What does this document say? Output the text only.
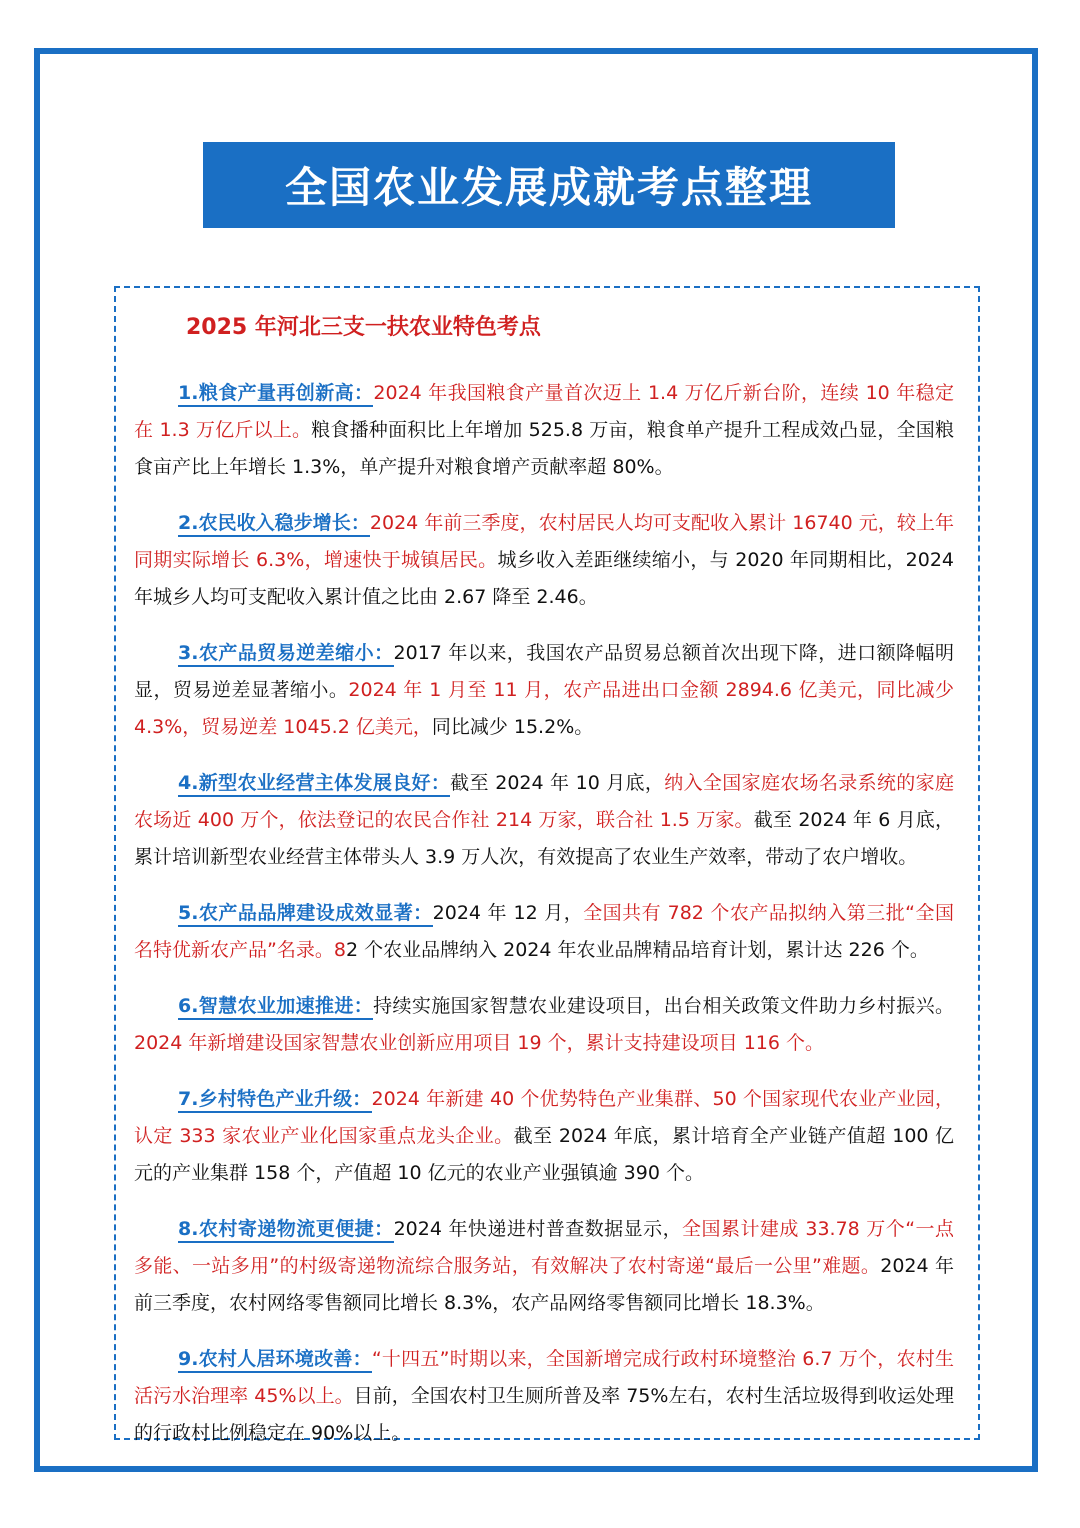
全国农业发展成就考点整理
2025 年河北三支一扶农业特色考点

1.粮食产量再创新高：2024 年我国粮食产量首次迈上 1.4 万亿斤新台阶，连续 10 年稳定在 1.3 万亿斤以上。粮食播种面积比上年增加 525.8 万亩，粮食单产提升工程成效凸显，全国粮食亩产比上年增长 1.3%，单产提升对粮食增产贡献率超 80%。

2.农民收入稳步增长：2024 年前三季度，农村居民人均可支配收入累计 16740 元，较上年同期实际增长 6.3%，增速快于城镇居民。城乡收入差距继续缩小，与 2020 年同期相比，2024 年城乡人均可支配收入累计值之比由 2.67 降至 2.46。

3.农产品贸易逆差缩小：2017 年以来，我国农产品贸易总额首次出现下降，进口额降幅明显，贸易逆差显著缩小。2024 年 1 月至 11 月，农产品进出口金额 2894.6 亿美元，同比减少 4.3%，贸易逆差 1045.2 亿美元，同比减少 15.2%。

4.新型农业经营主体发展良好：截至 2024 年 10 月底，纳入全国家庭农场名录系统的家庭农场近 400 万个，依法登记的农民合作社 214 万家，联合社 1.5 万家。截至 2024 年 6 月底，累计培训新型农业经营主体带头人 3.9 万人次，有效提高了农业生产效率，带动了农户增收。

5.农产品品牌建设成效显著：2024 年 12 月，全国共有 782 个农产品拟纳入第三批“全国名特优新农产品”名录。82 个农业品牌纳入 2024 年农业品牌精品培育计划，累计达 226 个。

6.智慧农业加速推进：持续实施国家智慧农业建设项目，出台相关政策文件助力乡村振兴。2024 年新增建设国家智慧农业创新应用项目 19 个，累计支持建设项目 116 个。

7.乡村特色产业升级：2024 年新建 40 个优势特色产业集群、50 个国家现代农业产业园，认定 333 家农业产业化国家重点龙头企业。截至 2024 年底，累计培育全产业链产值超 100 亿元的产业集群 158 个，产值超 10 亿元的农业产业强镇逾 390 个。

8.农村寄递物流更便捷：2024 年快递进村普查数据显示，全国累计建成 33.78 万个“一点多能、一站多用”的村级寄递物流综合服务站，有效解决了农村寄递“最后一公里”难题。2024 年前三季度，农村网络零售额同比增长 8.3%，农产品网络零售额同比增长 18.3%。

9.农村人居环境改善：“十四五”时期以来，全国新增完成行政村环境整治 6.7 万个，农村生活污水治理率 45%以上。目前，全国农村卫生厕所普及率 75%左右，农村生活垃圾得到收运处理的行政村比例稳定在 90%以上。
